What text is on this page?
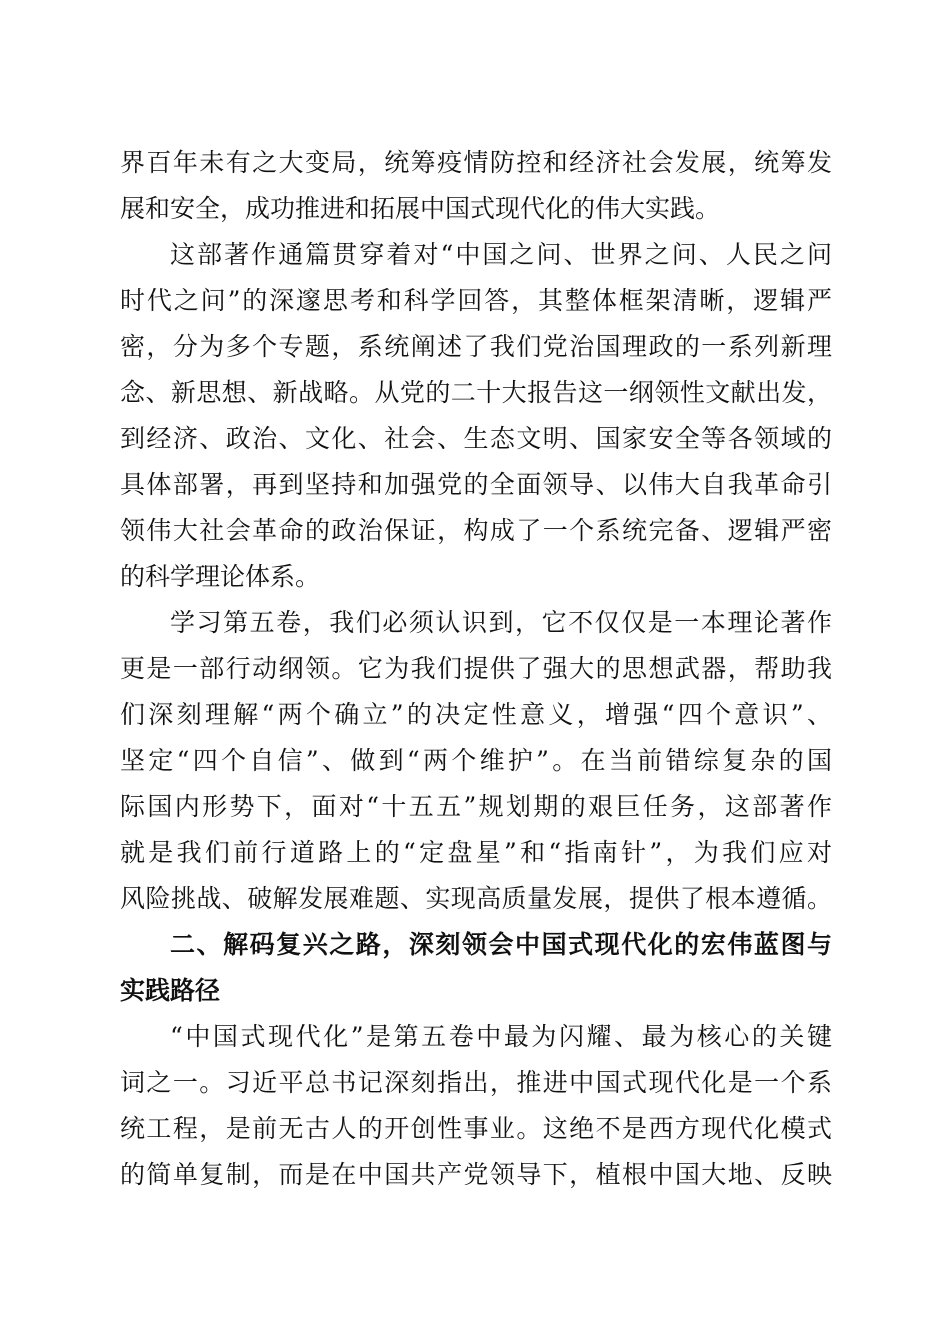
界百年未有之大变局，统筹疫情防控和经济社会发展，统筹发
展和安全，成功推进和拓展中国式现代化的伟大实践。
这部著作通篇贯穿着对“中国之问、世界之问、人民之问
时代之问”的深邃思考和科学回答，其整体框架清晰，逻辑严
密，分为多个专题，系统阐述了我们党治国理政的一系列新理
念、新思想、新战略。从党的二十大报告这一纲领性文献出发，
到经济、政治、文化、社会、生态文明、国家安全等各领域的
具体部署，再到坚持和加强党的全面领导、以伟大自我革命引
领伟大社会革命的政治保证，构成了一个系统完备、逻辑严密
的科学理论体系。
学习第五卷，我们必须认识到，它不仅仅是一本理论著作
更是一部行动纲领。它为我们提供了强大的思想武器，帮助我
们深刻理解“两个确立”的决定性意义，增强“四个意识”、
坚定“四个自信”、做到“两个维护”。在当前错综复杂的国
际国内形势下，面对“十五五”规划期的艰巨任务，这部著作
就是我们前行道路上的“定盘星”和“指南针”，为我们应对
风险挑战、破解发展难题、实现高质量发展，提供了根本遵循。
二、解码复兴之路，深刻领会中国式现代化的宏伟蓝图与
实践路径
“中国式现代化”是第五卷中最为闪耀、最为核心的关键
词之一。习近平总书记深刻指出，推进中国式现代化是一个系
统工程，是前无古人的开创性事业。这绝不是西方现代化模式
的简单复制，而是在中国共产党领导下，植根中国大地、反映
